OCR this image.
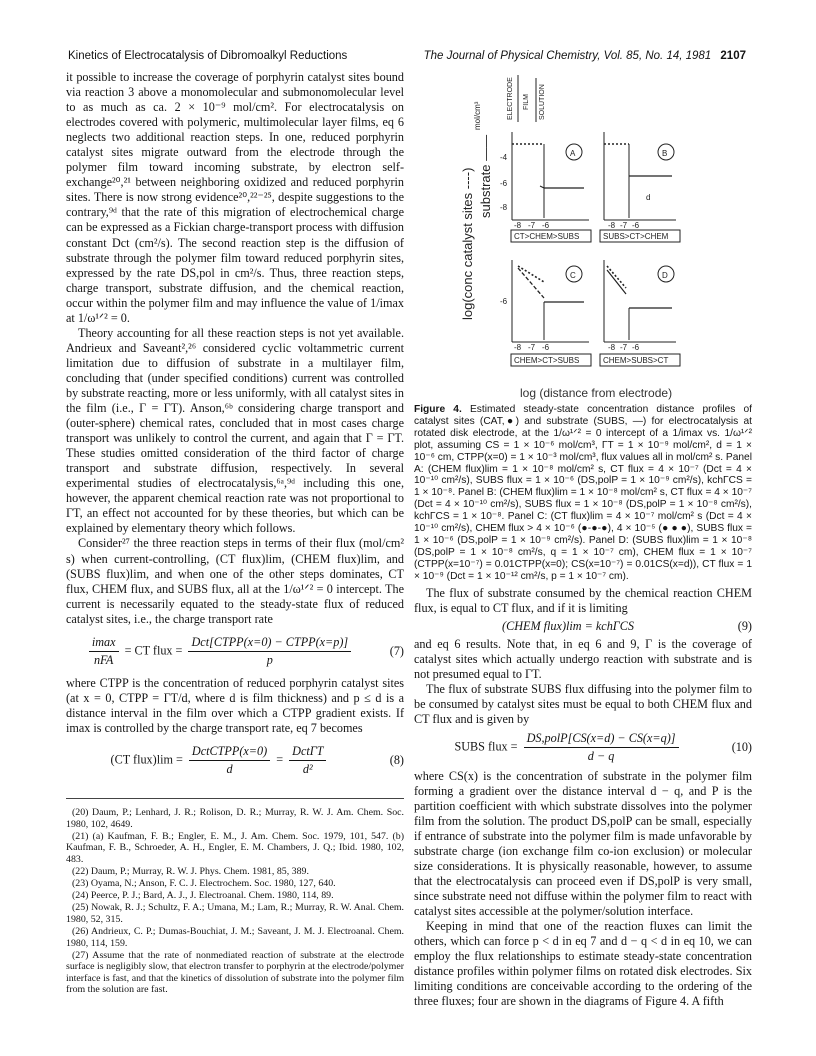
Kinetics of Electrocatalysis of Dibromoalkyl Reductions	The Journal of Physical Chemistry, Vol. 85, No. 14, 1981 2107

it possible to increase the coverage of porphyrin catalyst sites bound via reaction 3 above a monomolecular and submonomolecular level to as much as ca. 2 × 10⁻⁹ mol/cm². For electrocatalysis on electrodes covered with polymeric, multimolecular layer films, eq 6 neglects two additional reaction steps. In one, reduced porphyrin catalyst sites migrate outward from the electrode through the polymer film toward incoming substrate, by electron self-exchange²⁰,²¹ between neighboring oxidized and reduced porphyrin sites. There is now strong evidence²⁰,²²⁻²⁵, despite suggestions to the contrary,⁹ᵈ that the rate of this migration of electrochemical charge can be expressed as a Fickian charge-transport process with diffusion constant Dct (cm²/s). The second reaction step is the diffusion of substrate through the polymer film toward reduced porphyrin sites, expressed by the rate DS,pol in cm²/s. Thus, three reaction steps, charge transport, substrate diffusion, and the chemical reaction, occur within the polymer film and may influence the value of 1/imax at 1/ω¹ᐟ² = 0.

Theory accounting for all these reaction steps is not yet available. Andrieux and Saveant²,²⁶ considered cyclic voltammetric current limitation due to diffusion of substrate in a multilayer film, concluding that (under specified conditions) current was controlled by substrate reacting, more or less uniformly, with all catalyst sites in the film (i.e., Γ = ΓT). Anson,⁶ᵇ considering charge transport and (outer-sphere) chemical rates, concluded that in most cases charge transport was unlikely to control the current, and again that Γ = ΓT. These studies omitted consideration of the third factor of charge transport and substrate diffusion, respectively. In several experimental studies of electrocatalysis,⁶ᵃ,⁹ᵈ including this one, however, the apparent chemical reaction rate was not proportional to ΓT, an effect not accounted for by these theories, but which can be explained by elementary theory which follows.

Consider²⁷ the three reaction steps in terms of their flux (mol/cm² s) when current-controlling, (CT flux)lim, (CHEM flux)lim, and (SUBS flux)lim, and when one of the other steps dominates, CT flux, CHEM flux, and SUBS flux, all at the 1/ω¹ᐟ² = 0 intercept. The current is necessarily equated to the steady-state flux of reduced catalyst sites, i.e., the charge transport rate

$\frac{imax}{\text{nFA}}$ = CT flux = $\frac{\text{Dct[CTPP(x=0) − CTPP(x=p)]}}{p}$	(7)

where CTPP is the concentration of reduced porphyrin catalyst sites (at x = 0, CTPP = ΓT/d, where d is film thickness) and p ≤ d is a distance interval in the film over which a CTPP gradient exists. If imax is controlled by the charge transport rate, eq 7 becomes

(CT flux)lim = $\frac{\text{DctCTPP(x=0)}}{d} = \frac{\text{DctΓT}}{\text{d²}}$	(8)

(20) Daum, P.; Lenhard, J. R.; Rolison, D. R.; Murray, R. W. J. Am. Chem. Soc. 1980, 102, 4649.

(21) (a) Kaufman, F. B.; Engler, E. M., J. Am. Chem. Soc. 1979, 101, 547. (b) Kaufman, F. B., Schroeder, A. H., Engler, E. M. Chambers, J. Q.; Ibid. 1980, 102, 483.

(22) Daum, P.; Murray, R. W. J. Phys. Chem. 1981, 85, 389.

(23) Oyama, N.; Anson, F. C. J. Electrochem. Soc. 1980, 127, 640.

(24) Peerce, P. J.; Bard, A. J., J. Electroanal. Chem. 1980, 114, 89.

(25) Nowak, R. J.; Schultz, F. A.; Umana, M.; Lam, R.; Murray, R. W. Anal. Chem. 1980, 52, 315.

(26) Andrieux, C. P.; Dumas-Bouchiat, J. M.; Saveant, J. M. J. Electroanal. Chem. 1980, 114, 159.

(27) Assume that the rate of nonmediated reaction of substrate at the electrode surface is negligibly slow, that electron transfer to porphyrin at the electrode/polymer interface is fast, and that the kinetics of dissolution of substrate into the polymer film from the solution are fast.

log(conc catalyst sites ----) substrate ——
mol/cm³	ELECTRODE FILM SOLUTION
A
-4
-6
-8
-8 -7 -6
CT>CHEM>SUBS
B
d
-8 -7 -6
SUBS>CT>CHEM
C
-6
-8 -7 -6
CHEM>CT>SUBS
D
-8 -7 -6
CHEM>SUBS>CT
log (distance from electrode)
Figure 4. Estimated steady-state concentration distance profiles of catalyst sites (CAT,●) and substrate (SUBS, —) for electrocatalysis at rotated disk electrode, at the 1/ω¹ᐟ² = 0 intercept of a 1/imax vs. 1/ω¹ᐟ² plot, assuming CS = 1 × 10⁻⁶ mol/cm³, ΓT = 1 × 10⁻⁹ mol/cm², d = 1 × 10⁻⁶ cm, CTPP(x=0) = 1 × 10⁻³ mol/cm³, flux values all in mol/cm² s. Panel A: (CHEM flux)lim = 1 × 10⁻⁸ mol/cm² s, CT flux = 4 × 10⁻⁷ (Dct = 4 × 10⁻¹⁰ cm²/s), SUBS flux = 1 × 10⁻⁶ (DS,polP = 1 × 10⁻⁹ cm²/s), kchΓCS = 1 × 10⁻⁸. Panel B: (CHEM flux)lim = 1 × 10⁻⁸ mol/cm² s, CT flux = 4 × 10⁻⁷ (Dct = 4 × 10⁻¹⁰ cm²/s), SUBS flux = 1 × 10⁻⁸ (DS,polP = 1 × 10⁻⁸ cm²/s), kchΓCS = 1 × 10⁻⁸. Panel C: (CT flux)lim = 4 × 10⁻⁷ mol/cm² s (Dct = 4 × 10⁻¹⁰ cm²/s), CHEM flux > 4 × 10⁻⁶ (●-●-●), 4 × 10⁻⁵ (● ● ●), SUBS flux = 1 × 10⁻⁶ (DS,polP = 1 × 10⁻⁹ cm²/s). Panel D: (SUBS flux)lim = 1 × 10⁻⁸ (DS,polP = 1 × 10⁻⁸ cm²/s, q = 1 × 10⁻⁷ cm), CHEM flux = 1 × 10⁻⁷ (CTPP(x=10⁻⁷) = 0.01CTPP(x=0); CS(x=10⁻⁷) = 0.01CS(x=d)), CT flux = 1 × 10⁻⁹ (Dct = 1 × 10⁻¹² cm²/s, p = 1 × 10⁻⁷ cm).

The flux of substrate consumed by the chemical reaction CHEM flux, is equal to CT flux, and if it is limiting

(CHEM flux)lim = kchΓCS	(9)

and eq 6 results. Note that, in eq 6 and 9, Γ is the coverage of catalyst sites which actually undergo reaction with substrate and is not presumed equal to ΓT.

The flux of substrate SUBS flux diffusing into the polymer film to be consumed by catalyst sites must be equal to both CHEM flux and CT flux and is given by

SUBS flux = $\frac{\text{DS,polP[CS(x=d) − CS(x=q)]}}{d - q}$	(10)

where CS(x) is the concentration of substrate in the polymer film forming a gradient over the distance interval d − q, and P is the partition coefficient with which substrate dissolves into the polymer film from the solution. The product DS,polP can be small, especially if entrance of substrate into the polymer film is made unfavorable by substrate charge (ion exchange film co-ion exclusion) or molecular size considerations. It is physically reasonable, however, to assume that the electrocatalysis can proceed even if DS,polP is very small, since substrate need not diffuse within the polymer film to react with catalyst sites accessible at the polymer/solution interface.

Keeping in mind that one of the reaction fluxes can limit the others, which can force p < d in eq 7 and d − q < d in eq 10, we can employ the flux relationships to estimate steady-state concentration distance profiles within polymer films on rotated disk electrodes. Six limiting conditions are conceivable according to the ordering of the three fluxes; four are shown in the diagrams of Figure 4. A fifth
